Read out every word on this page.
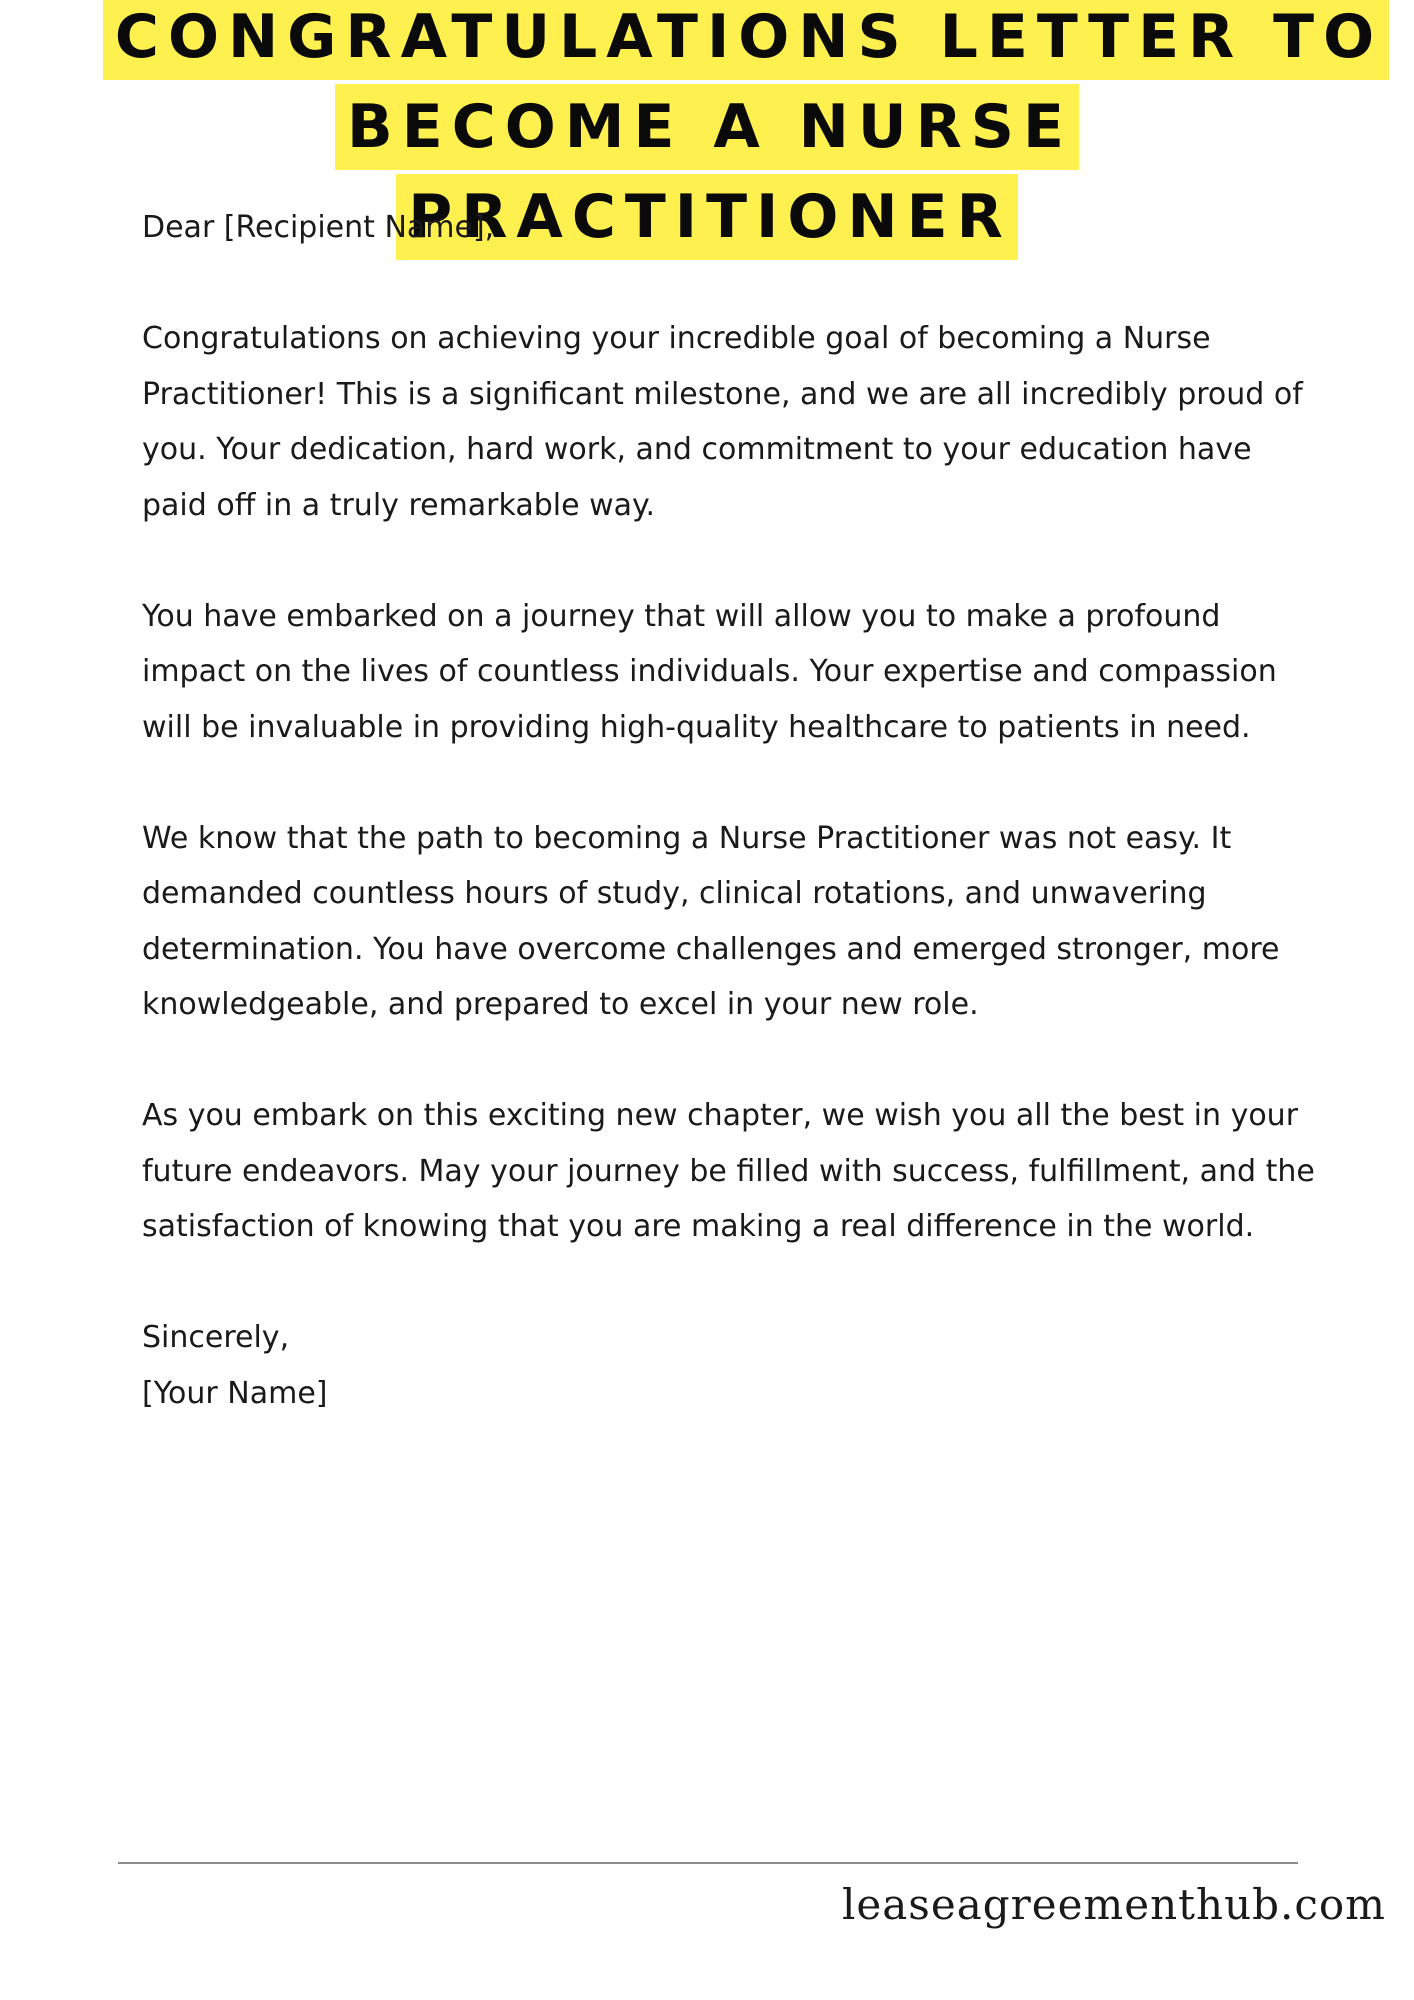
CONGRATULATIONS LETTER TO
BECOME A NURSE
PRACTITIONER

Dear [Recipient Name],

Congratulations on achieving your incredible goal of becoming a Nurse Practitioner! This is a significant milestone, and we are all incredibly proud of you. Your dedication, hard work, and commitment to your education have paid off in a truly remarkable way.

You have embarked on a journey that will allow you to make a profound impact on the lives of countless individuals. Your expertise and compassion will be invaluable in providing high-quality healthcare to patients in need.

We know that the path to becoming a Nurse Practitioner was not easy. It demanded countless hours of study, clinical rotations, and unwavering determination. You have overcome challenges and emerged stronger, more knowledgeable, and prepared to excel in your new role.

As you embark on this exciting new chapter, we wish you all the best in your future endeavors. May your journey be filled with success, fulfillment, and the satisfaction of knowing that you are making a real difference in the world.

Sincerely,

[Your Name]

leaseagreementhub.com
